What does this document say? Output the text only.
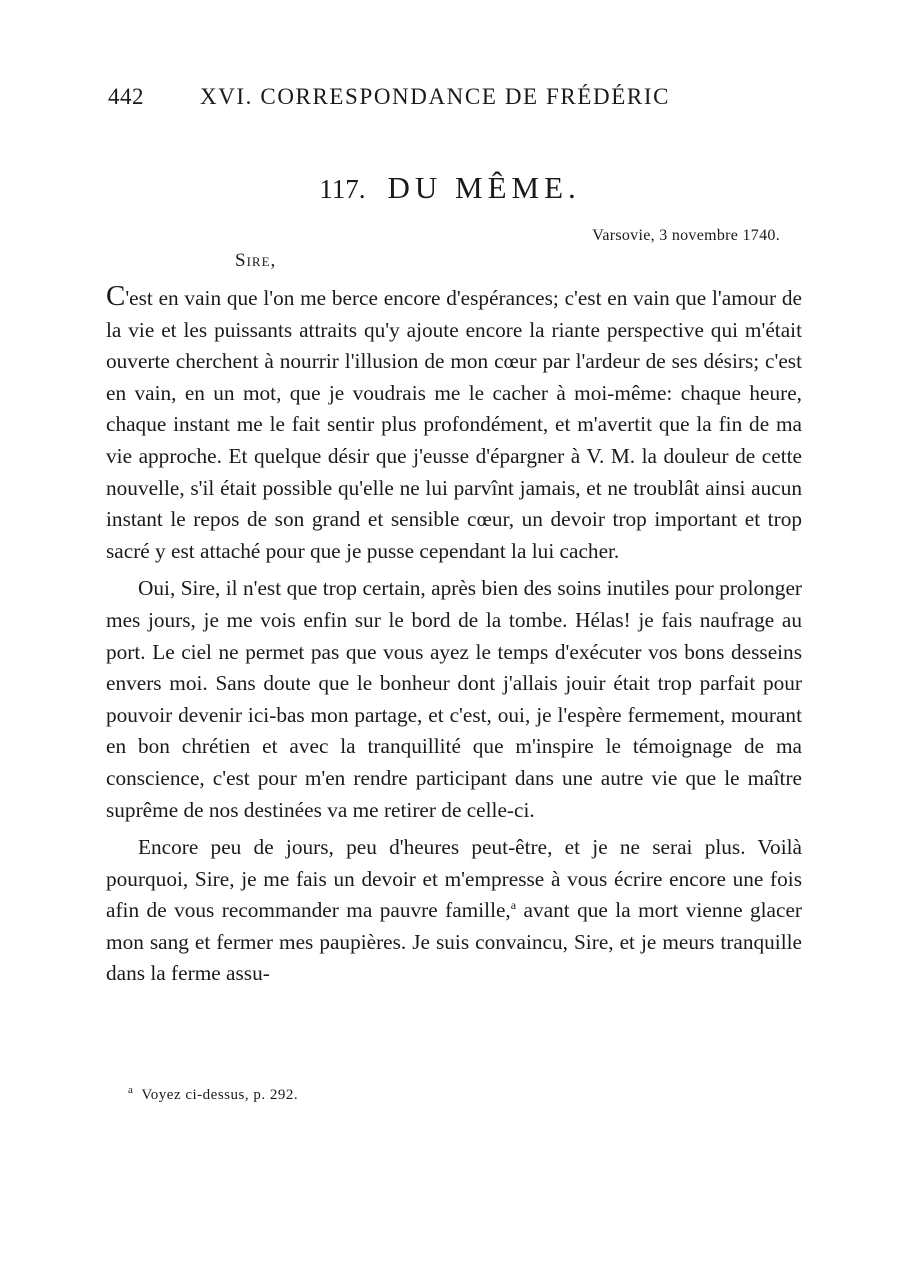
442 XVI. CORRESPONDANCE DE FRÉDÉRIC
117. DU MÊME.
Varsovie, 3 novembre 1740.
Sire,

C'est en vain que l'on me berce encore d'espérances; c'est en vain que l'amour de la vie et les puissants attraits qu'y ajoute encore la riante perspective qui m'était ouverte cherchent à nourrir l'illusion de mon cœur par l'ardeur de ses désirs; c'est en vain, en un mot, que je voudrais me le cacher à moi-même: chaque heure, chaque instant me le fait sentir plus profondément, et m'avertit que la fin de ma vie approche. Et quelque désir que j'eusse d'épargner à V. M. la douleur de cette nouvelle, s'il était possible qu'elle ne lui parvînt jamais, et ne troublât ainsi aucun instant le repos de son grand et sensible cœur, un devoir trop important et trop sacré y est attaché pour que je pusse cependant la lui cacher.

Oui, Sire, il n'est que trop certain, après bien des soins inutiles pour prolonger mes jours, je me vois enfin sur le bord de la tombe. Hélas! je fais naufrage au port. Le ciel ne permet pas que vous ayez le temps d'exécuter vos bons desseins envers moi. Sans doute que le bonheur dont j'allais jouir était trop parfait pour pouvoir devenir ici-bas mon partage, et c'est, oui, je l'espère fermement, mourant en bon chrétien et avec la tranquillité que m'inspire le témoignage de ma conscience, c'est pour m'en rendre participant dans une autre vie que le maître suprême de nos destinées va me retirer de celle-ci.

Encore peu de jours, peu d'heures peut-être, et je ne serai plus. Voilà pourquoi, Sire, je me fais un devoir et m'empresse à vous écrire encore une fois afin de vous recommander ma pauvre famille,$^a$ avant que la mort vienne glacer mon sang et fermer mes paupières. Je suis convaincu, Sire, et je meurs tranquille dans la ferme assu-

$^a$ Voyez ci-dessus, p. 292.
